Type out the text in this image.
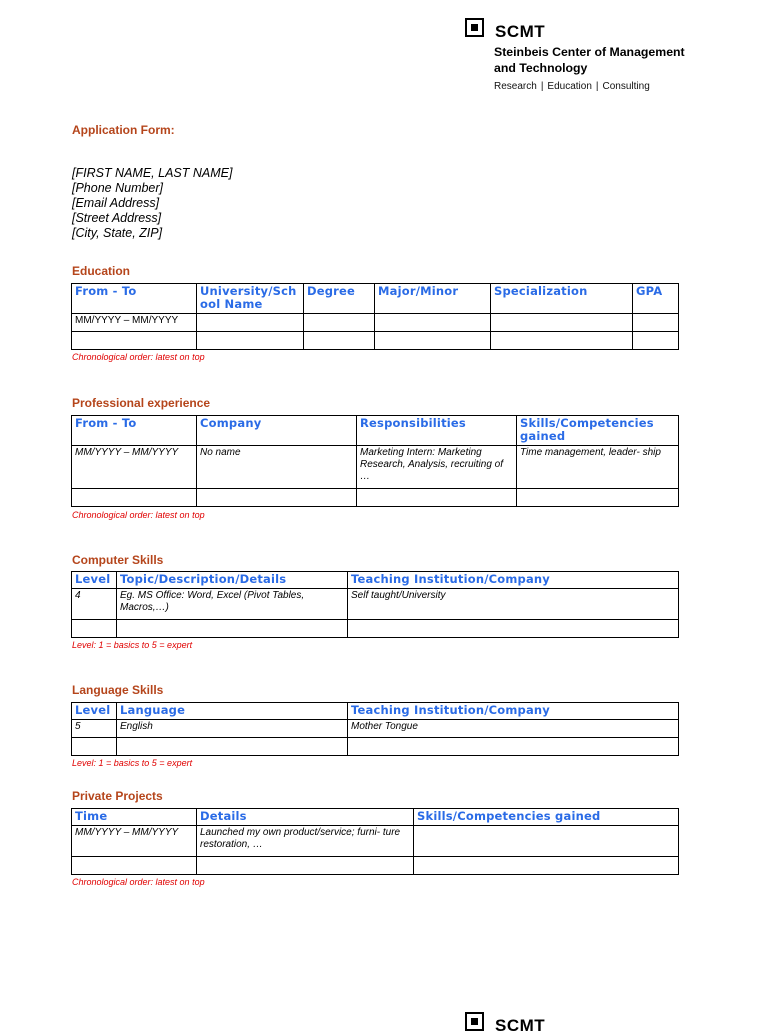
SCMT
Steinbeis Center of Management
and Technology
Research | Education | Consulting
Application Form:
[FIRST NAME, LAST NAME]
[Phone Number]
[Email Address]
[Street Address]
[City, State, ZIP]
Education
From - To	University/Sch ool Name	Degree	Major/Minor	Specialization	GPA
MM/YYYY – MM/YYYY					

Chronological order: latest on top
Professional experience
From - To	Company	Responsibilities	Skills/Competencies gained
MM/YYYY – MM/YYYY	No name	Marketing Intern: Marketing Research, Analysis, recruiting of …	Time management, leader- ship

Chronological order: latest on top
Computer Skills
Level	Topic/Description/Details	Teaching Institution/Company
4	Eg. MS Office: Word, Excel (Pivot Tables, Macros,…)	Self taught/University

Level: 1 = basics to 5 = expert
Language Skills
Level	Language	Teaching Institution/Company
5	English	Mother Tongue

Level: 1 = basics to 5 = expert
Private Projects
Time	Details	Skills/Competencies gained
MM/YYYY – MM/YYYY	Launched my own product/service; furni- ture restoration, …	

Chronological order: latest on top
SCMT
